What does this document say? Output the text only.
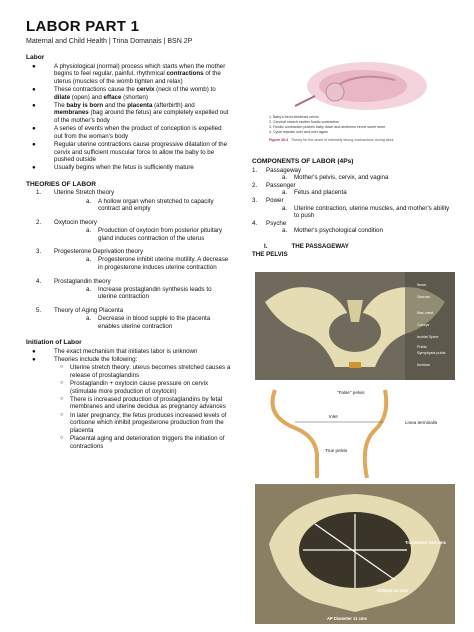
LABOR PART 1
Maternal and Child Health | Trina Domanais | BSN 2P
Labor
●	A physiological (normal) process which starts when the mother begins to feel regular, painful, rhythmical contractions of the uterus (muscles of the womb tighten and relax)
●	These contractions cause the cervix (neck of the womb) to dilate (open) and efface (shorten)
●	The baby is born and the placenta (afterbirth) and membranes (bag around the fetus) are completely expelled out of the mother's body
●	A series of events when the product of conception is expelled out from the woman's body
●	Regular uterine contractions cause progressive dilatation of the cervix and sufficient muscular force to allow the baby to be pushed outside
●	Usually begins when the fetus is sufficiently mature
THEORIES OF LABOR
1. Uterine Stretch theory
a. A hollow organ when stretched to capacity contract and empty
2. Oxytocin theory
a. Production of oxytocin from posterior pituitary gland induces contraction of the uterus
3. Progesterone Deprivation theory
a. Progesterone inhibit uterine motility. A decrease in progesterone induces uterine contraction
4. Prostaglandin theory
a. Increase prostaglandin synthesis leads to uterine contraction
5. Theory of Aging Placenta
a. Decrease in blood supple to the placenta enables uterine contraction
Initiation of Labor
●	The exact mechanism that initiates labor is unknown
●	Theories include the following:
○ Uterine stretch theory: uterus becomes stretched causes a release of prostaglandins
○ Prostaglandin + oxytocin cause pressure on cervix (stimulate more production of oxytocin)
○ There is increased production of prostaglandins by fetal membranes and uterine decidua as pregnancy advances
○ In later pregnancy, the fetus produces increased levels of cortisone which inhibit progesterone production from the placenta
○ Placental aging and deterioration triggers the initiation of contractions
1. Baby's bend stretches cervix
2. Cervical stretch excites fundic contraction
3. Fundic contraction pushes baby down and stretches cervix some more
4. Cycle repeats over and over again
Figure 30-4 Theory for the onset of intensely strong contractions during labor.
COMPONENTS OF LABOR (4Ps)
1. Passageway
a. Mother's pelvis, cervix, and vagina
2. Passenger
a. Fetus and placenta
3. Power
a. Uterine contraction, uterine muscles, and mother's ability to push
4. Psyche
a. Mother's psychological condition
I.	THE PASSAGEWAY
THE PELVIS
Ileum
Sacrum
Iliac crest
Coccyx
Ischial Spine
Pubis
Symphysis pubis
Ischium
"False" pelvis
Inlet
Linea terminalis
True pelvis
Transverse 13.5 cms
Oblique 12 cms
AP Diameter 11 cms
